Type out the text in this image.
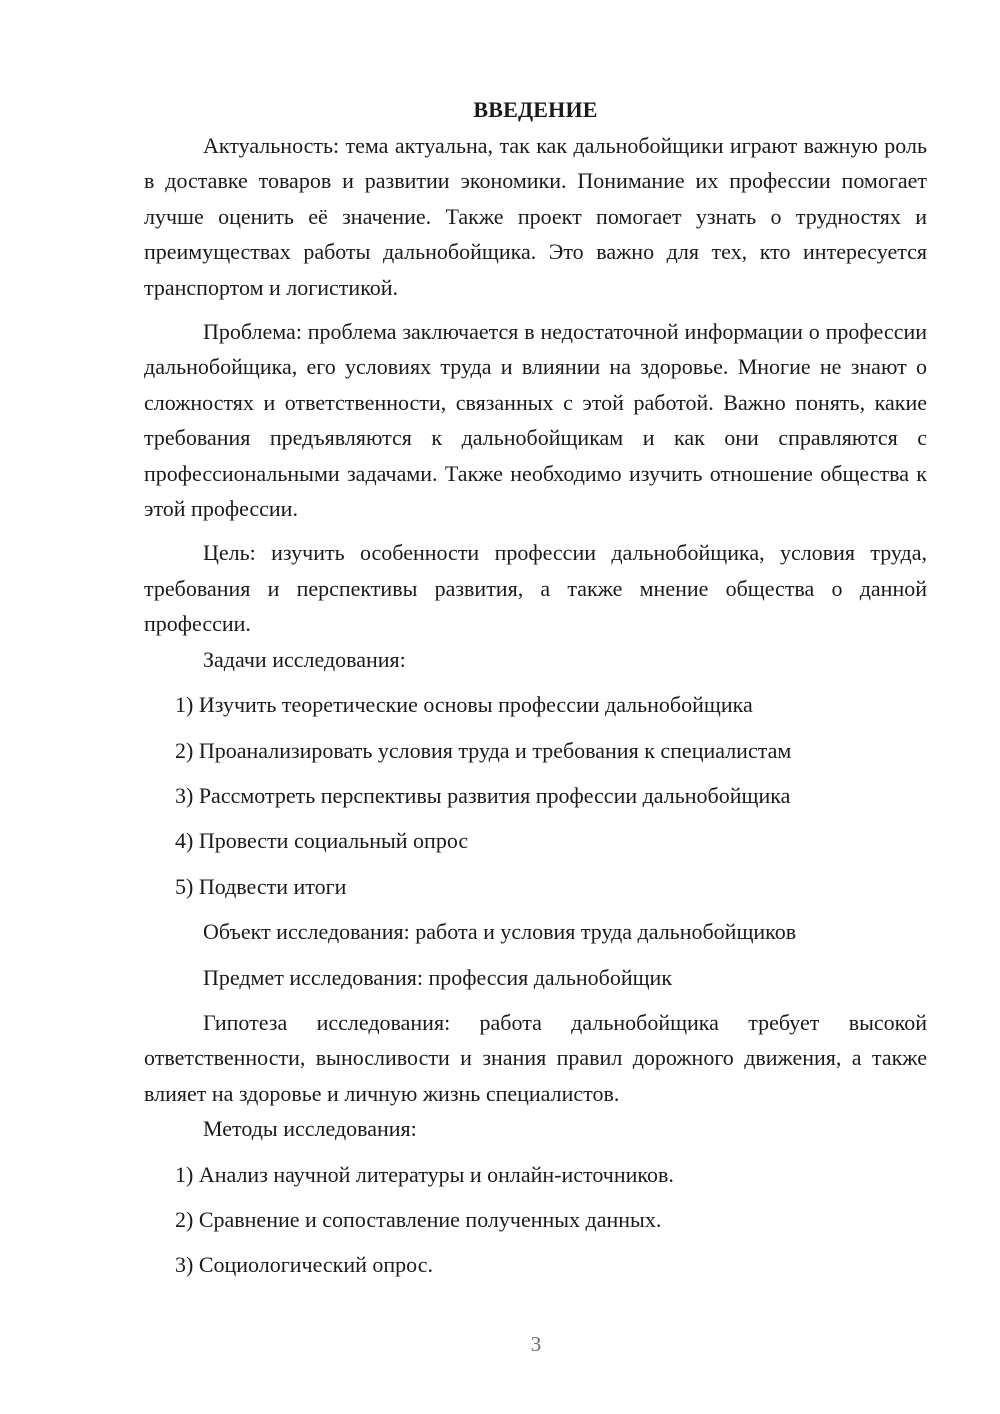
ВВЕДЕНИЕ

Актуальность: тема актуальна, так как дальнобойщики играют важную роль в доставке товаров и развитии экономики. Понимание их профессии помогает лучше оценить её значение. Также проект помогает узнать о трудностях и преимуществах работы дальнобойщика. Это важно для тех, кто интересуется транспортом и логистикой.

Проблема: проблема заключается в недостаточной информации о профессии дальнобойщика, его условиях труда и влиянии на здоровье. Многие не знают о сложностях и ответственности, связанных с этой работой. Важно понять, какие требования предъявляются к дальнобойщикам и как они справляются с профессиональными задачами. Также необходимо изучить отношение общества к этой профессии.

Цель: изучить особенности профессии дальнобойщика, условия труда, требования и перспективы развития, а также мнение общества о данной профессии.

Задачи исследования:

1) Изучить теоретические основы профессии дальнобойщика

2) Проанализировать условия труда и требования к специалистам

3) Рассмотреть перспективы развития профессии дальнобойщика

4) Провести социальный опрос

5) Подвести итоги

Объект исследования: работа и условия труда дальнобойщиков

Предмет исследования: профессия дальнобойщик

Гипотеза исследования: работа дальнобойщика требует высокой ответственности, выносливости и знания правил дорожного движения, а также влияет на здоровье и личную жизнь специалистов.

Методы исследования:

1) Анализ научной литературы и онлайн-источников.

2) Сравнение и сопоставление полученных данных.

3) Социологический опрос.

3
